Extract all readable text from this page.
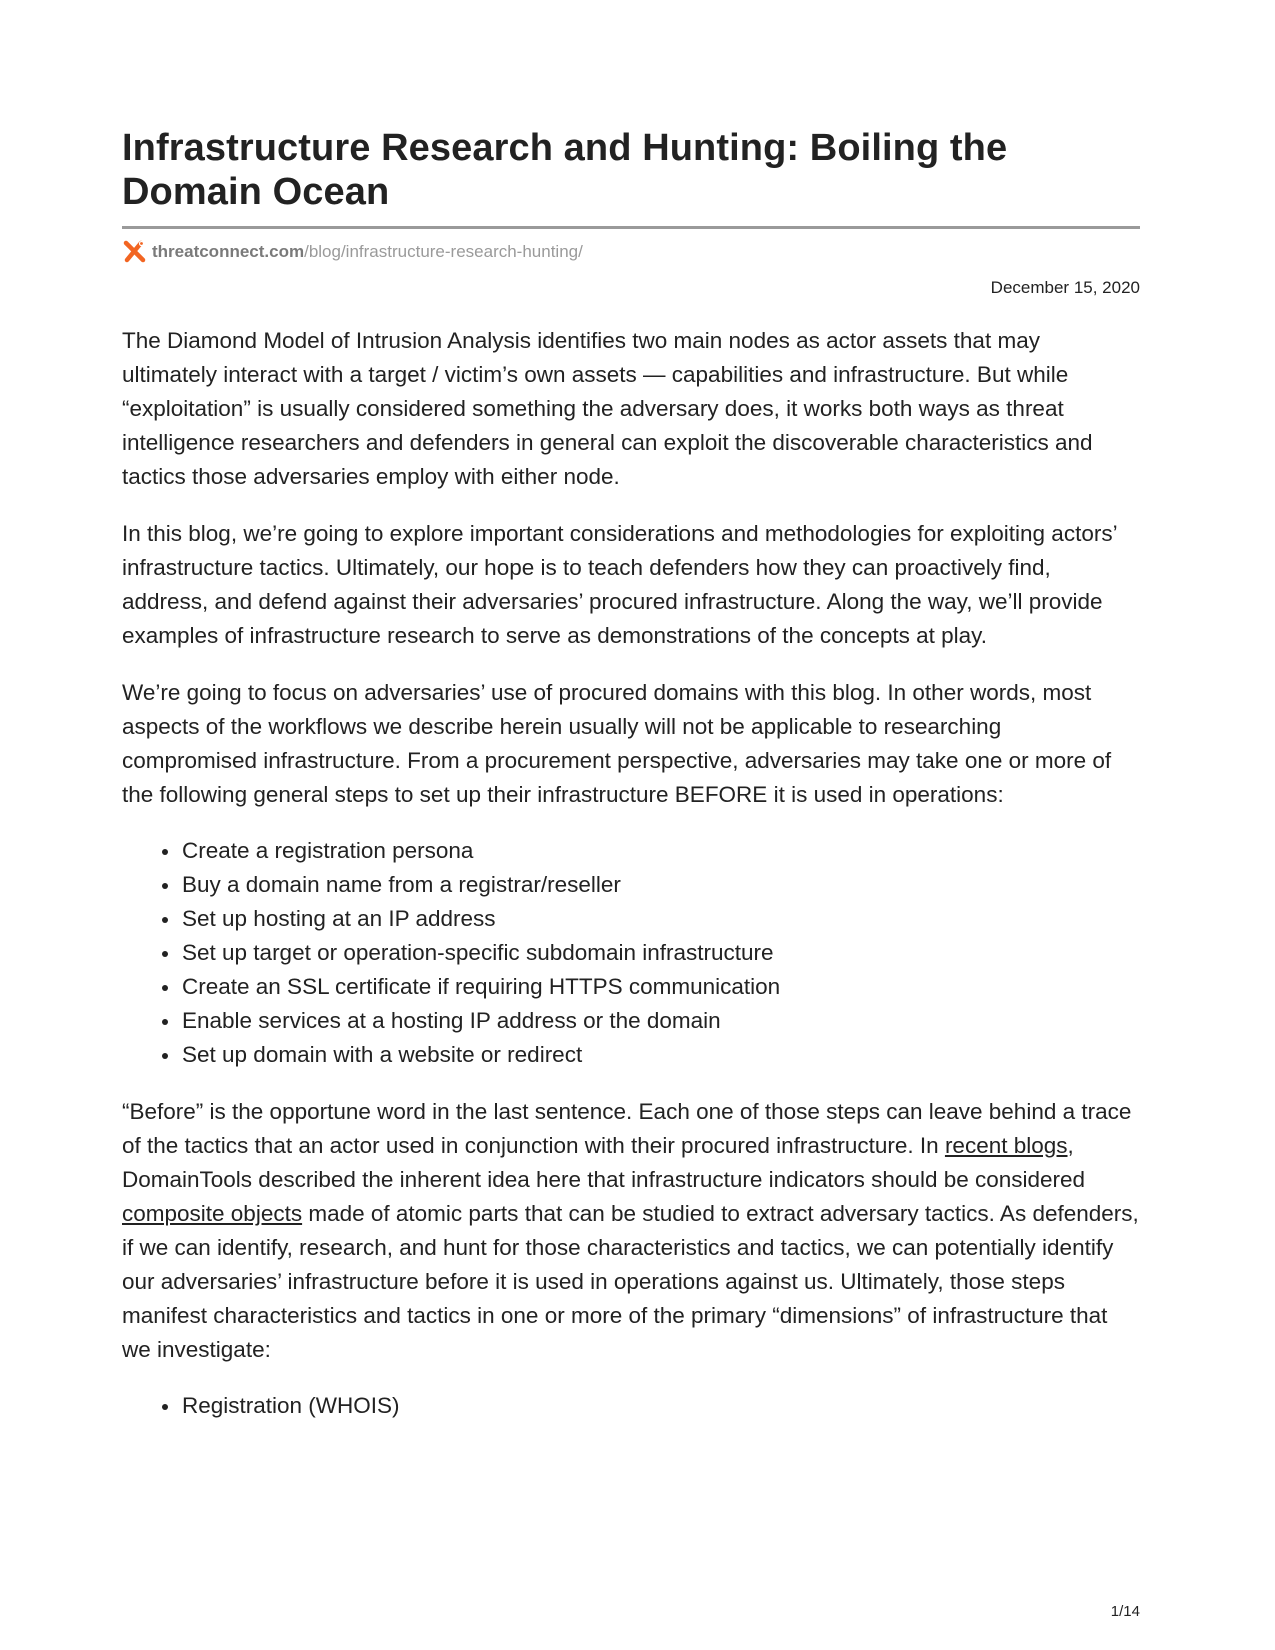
Infrastructure Research and Hunting: Boiling the Domain Ocean
threatconnect.com /blog/infrastructure-research-hunting/
December 15, 2020

The Diamond Model of Intrusion Analysis identifies two main nodes as actor assets that may ultimately interact with a target / victim’s own assets — capabilities and infrastructure. But while “exploitation” is usually considered something the adversary does, it works both ways as threat intelligence researchers and defenders in general can exploit the discoverable characteristics and tactics those adversaries employ with either node.

In this blog, we’re going to explore important considerations and methodologies for exploiting actors’ infrastructure tactics. Ultimately, our hope is to teach defenders how they can proactively find, address, and defend against their adversaries’ procured infrastructure. Along the way, we’ll provide examples of infrastructure research to serve as demonstrations of the concepts at play.

We’re going to focus on adversaries’ use of procured domains with this blog. In other words, most aspects of the workflows we describe herein usually will not be applicable to researching compromised infrastructure. From a procurement perspective, adversaries may take one or more of the following general steps to set up their infrastructure BEFORE it is used in operations:

Create a registration persona
Buy a domain name from a registrar/reseller
Set up hosting at an IP address
Set up target or operation-specific subdomain infrastructure
Create an SSL certificate if requiring HTTPS communication
Enable services at a hosting IP address or the domain
Set up domain with a website or redirect

“Before” is the opportune word in the last sentence. Each one of those steps can leave behind a trace of the tactics that an actor used in conjunction with their procured infrastructure. In recent blogs, DomainTools described the inherent idea here that infrastructure indicators should be considered composite objects made of atomic parts that can be studied to extract adversary tactics. As defenders, if we can identify, research, and hunt for those characteristics and tactics, we can potentially identify our adversaries’ infrastructure before it is used in operations against us. Ultimately, those steps manifest characteristics and tactics in one or more of the primary “dimensions” of infrastructure that we investigate:

Registration (WHOIS)
1/14
